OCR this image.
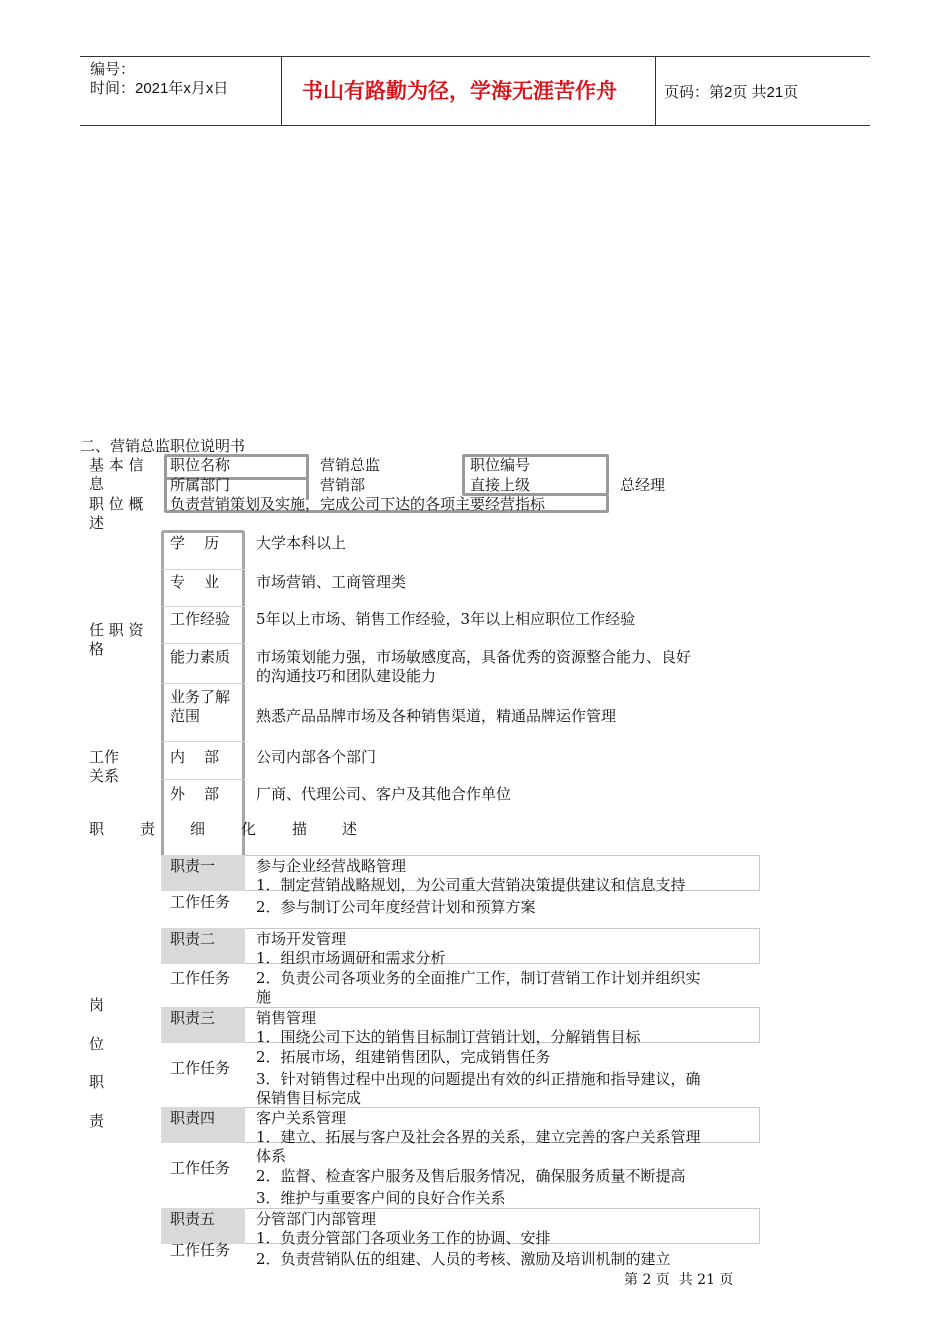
编号：
时间：2021年x月x日	书山有路勤为径，学海无涯苦作舟	页码：第2页 共21页
二、营销总监职位说明书
基 本 信
息
职位名称	营销总监	职位编号
所属部门	营销部	直接上级	总经理
职 位 概
述
负责营销策划及实施，完成公司下达的各项主要经营指标
任 职 资
格
学    历 大学本科以上
专    业 市场营销、工商管理类
工作经验 5年以上市场、销售工作经验，3年以上相应职位工作经验
能力素质 市场策划能力强，市场敏感度高，具备优秀的资源整合能力、良好
的沟通技巧和团队建设能力
业务了解
范围	熟悉产品品牌市场及各种销售渠道，精通品牌运作管理
工作
关系
内    部 公司内部各个部门
外    部 厂商、代理公司、客户及其他合作单位
职 责 细 化 描 述
岗
位
职
责
职责一	参与企业经营战略管理
1．制定营销战略规划，为公司重大营销决策提供建议和信息支持
工作任务 2．参与制订公司年度经营计划和预算方案
职责二	市场开发管理
1．组织市场调研和需求分析
工作任务 2．负责公司各项业务的全面推广工作，制订营销工作计划并组织实
施
职责三	销售管理
1．围绕公司下达的销售目标制订营销计划，分解销售目标
2．拓展市场，组建销售团队，完成销售任务
工作任务
3．针对销售过程中出现的问题提出有效的纠正措施和指导建议，确
保销售目标完成
职责四	客户关系管理
1．建立、拓展与客户及社会各界的关系，建立完善的客户关系管理
体系
工作任务 2．监督、检查客户服务及售后服务情况，确保服务质量不断提高
3．维护与重要客户间的良好合作关系
职责五	分管部门内部管理
1．负责分管部门各项业务工作的协调、安排
工作任务 2．负责营销队伍的组建、人员的考核、激励及培训机制的建立
第 2 页  共 21 页
